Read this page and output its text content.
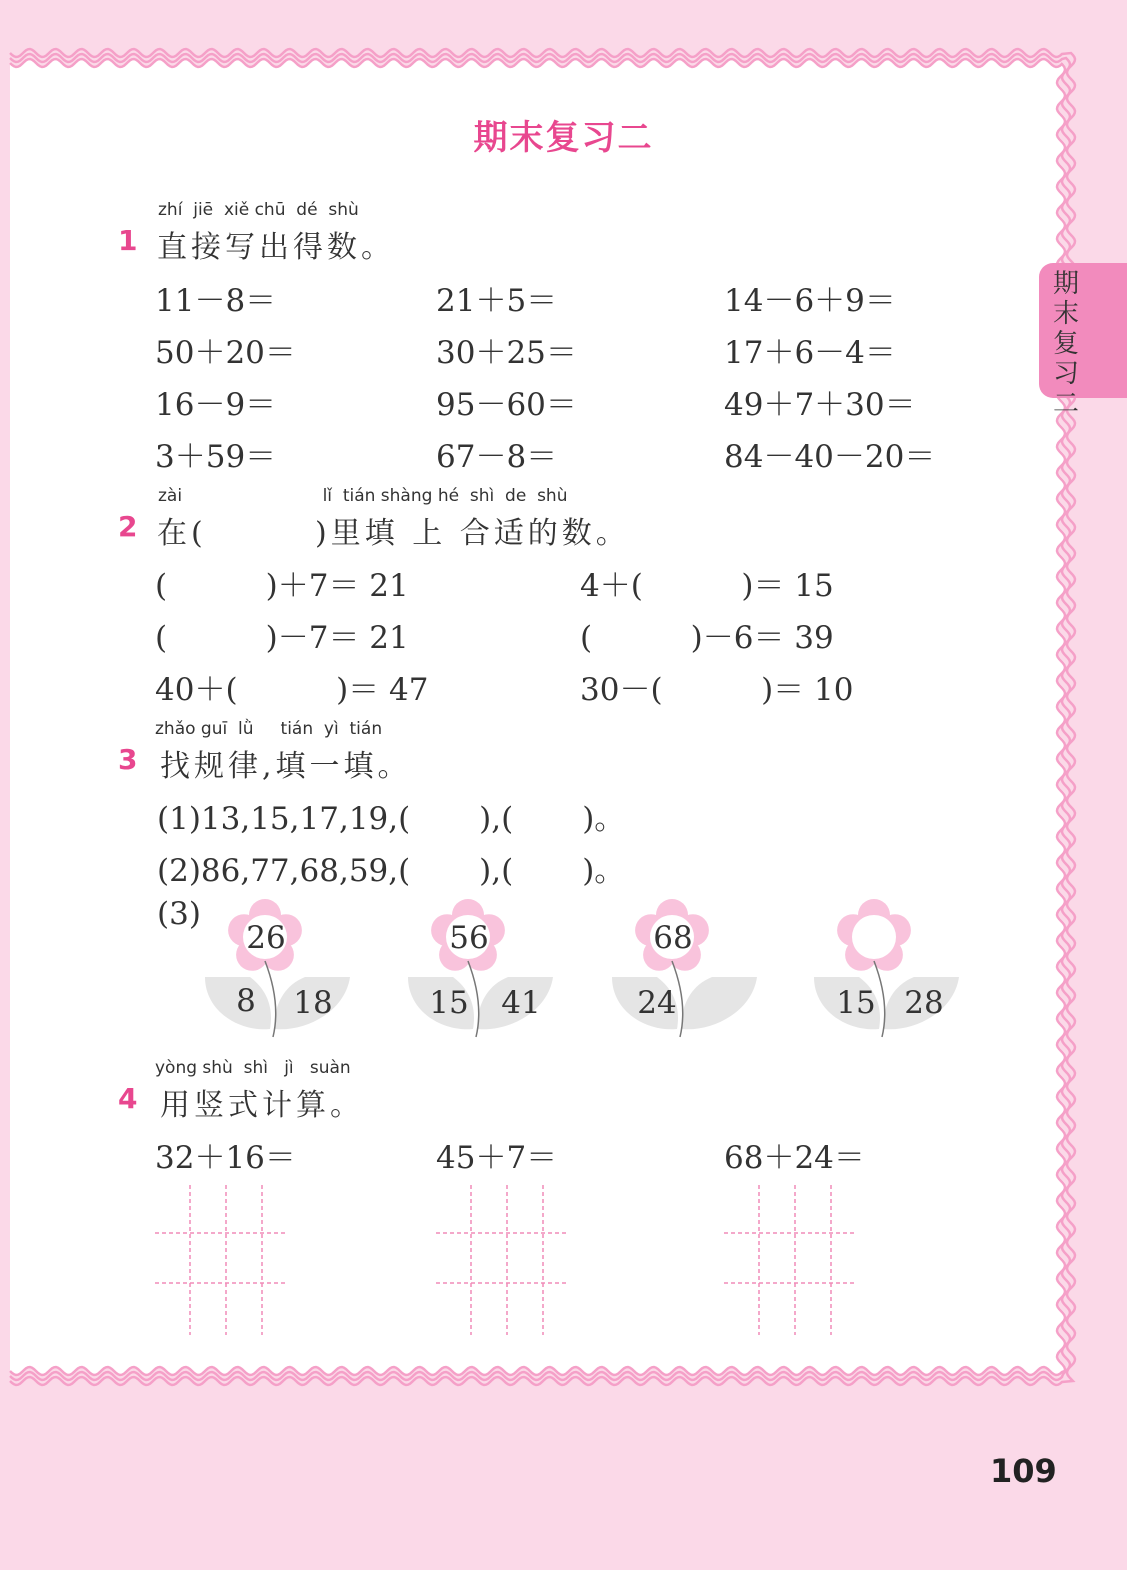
期末复习二
期
末
复
习
二
zhí  jiē  xiě chū  dé  shù
1 直接写出得数。
11－8＝	21＋5＝	14－6＋9＝
50＋20＝	30＋25＝	17＋6－4＝
16－9＝	95－60＝	49＋7＋30＝
3＋59＝	67－8＝	84－40－20＝
zài                          lǐ  tián shàng hé  shì  de  shù
2 在(        )里填 上 合适的数。
(          )＋7＝ 21	4＋(          )＝ 15
(          )－7＝ 21	(          )－6＝ 39
40＋(          )＝ 47	30－(          )＝ 10
zhǎo guī  lǜ     tián  yì  tián
3 找规律,填一填。
(1)13,15,17,19,(       ),(       )。
(2)86,77,68,59,(       ),(       )。
(3)
26
8	18
56
15	41
68
24	15 28
yòng shù  shì   jì   suàn
4 用竖式计算。
32＋16＝	45＋7＝	68＋24＝
109
